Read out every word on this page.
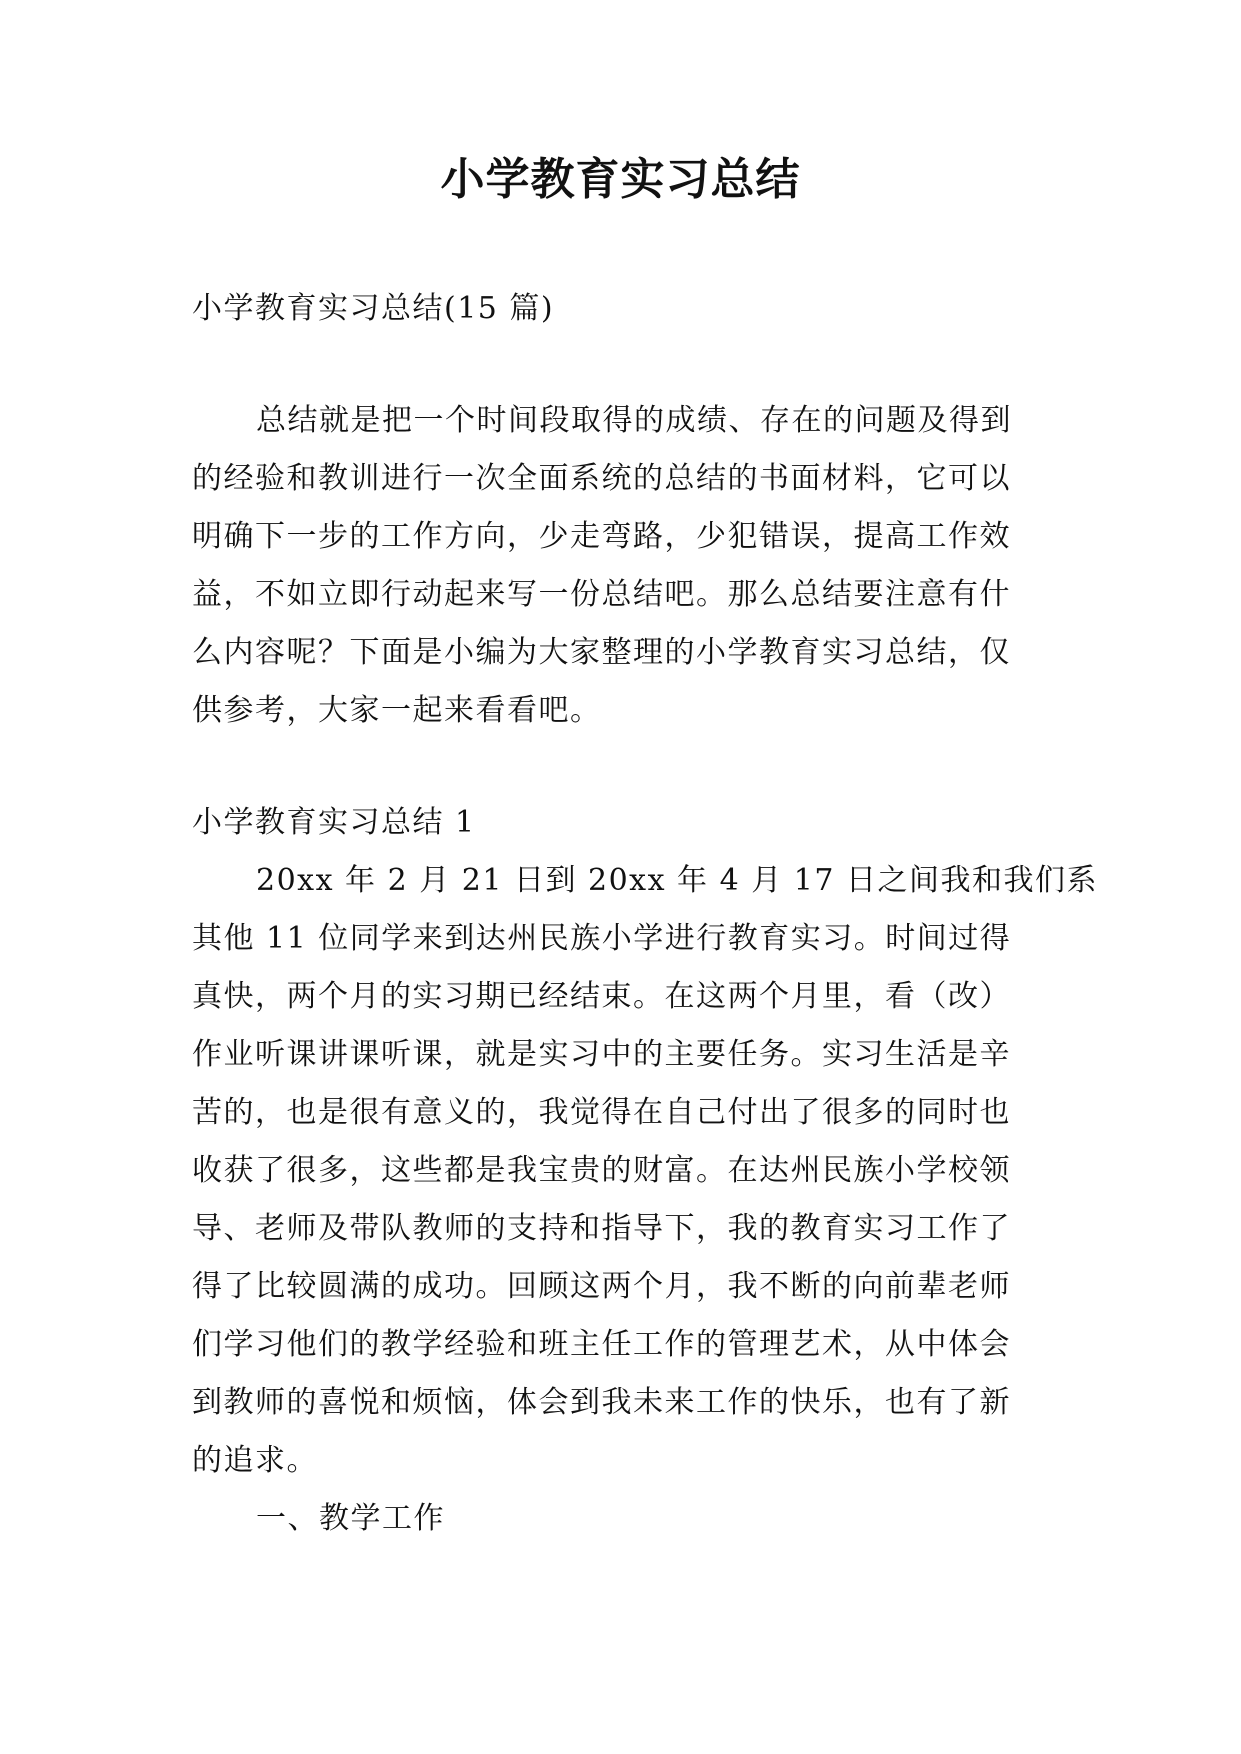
小学教育实习总结

小学教育实习总结(15 篇)

总结就是把一个时间段取得的成绩、存在的问题及得到

的经验和教训进行一次全面系统的总结的书面材料，它可以

明确下一步的工作方向，少走弯路，少犯错误，提高工作效

益，不如立即行动起来写一份总结吧。那么总结要注意有什

么内容呢？下面是小编为大家整理的小学教育实习总结，仅

供参考，大家一起来看看吧。

小学教育实习总结 1

20xx 年 2 月 21 日到 20xx 年 4 月 17 日之间我和我们系

其他 11 位同学来到达州民族小学进行教育实习。时间过得

真快，两个月的实习期已经结束。在这两个月里，看（改）

作业听课讲课听课，就是实习中的主要任务。实习生活是辛

苦的，也是很有意义的，我觉得在自己付出了很多的同时也

收获了很多，这些都是我宝贵的财富。在达州民族小学校领

导、老师及带队教师的支持和指导下，我的教育实习工作了

得了比较圆满的成功。回顾这两个月，我不断的向前辈老师

们学习他们的教学经验和班主任工作的管理艺术，从中体会

到教师的喜悦和烦恼，体会到我未来工作的快乐，也有了新

的追求。

一、教学工作
